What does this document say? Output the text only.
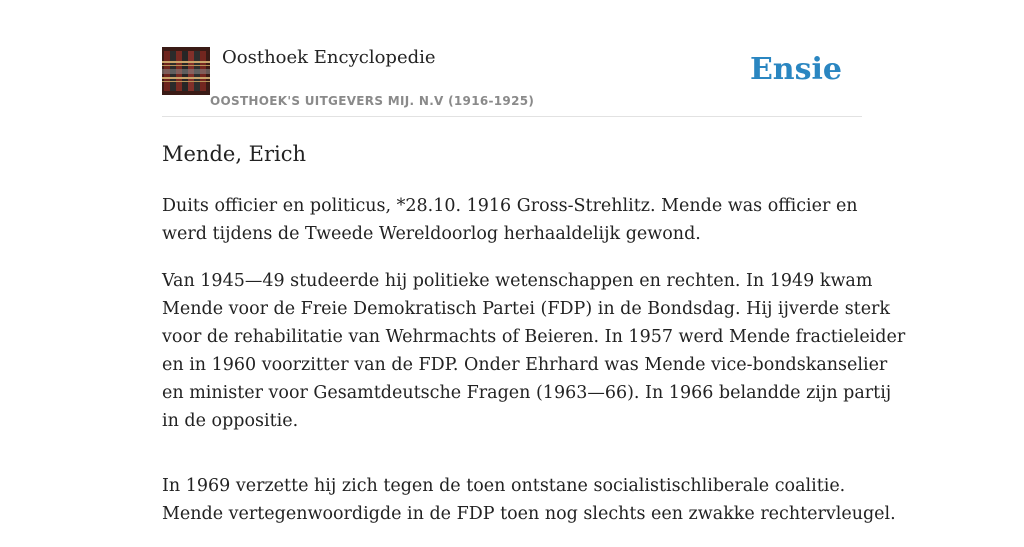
Oosthoek Encyclopedie
OOSTHOEK'S UITGEVERS MIJ. N.V (1916-1925)
Ensie
Mende, Erich

Duits officier en politicus, *28.10. 1916 Gross-Strehlitz. Mende was officier en
werd tijdens de Tweede Wereldoorlog herhaaldelijk gewond.

Van 1945—49 studeerde hij politieke wetenschappen en rechten. In 1949 kwam
Mende voor de Freie Demokratisch Partei (FDP) in de Bondsdag. Hij ijverde sterk
voor de rehabilitatie van Wehrmachts of Beieren. In 1957 werd Mende fractieleider
en in 1960 voorzitter van de FDP. Onder Ehrhard was Mende vice-bondskanselier
en minister voor Gesamtdeutsche Fragen (1963—66). In 1966 belandde zijn partij
in de oppositie.

In 1969 verzette hij zich tegen de toen ontstane socialistischliberale coalitie.
Mende vertegenwoordigde in de FDP toen nog slechts een zwakke rechtervleugel.
